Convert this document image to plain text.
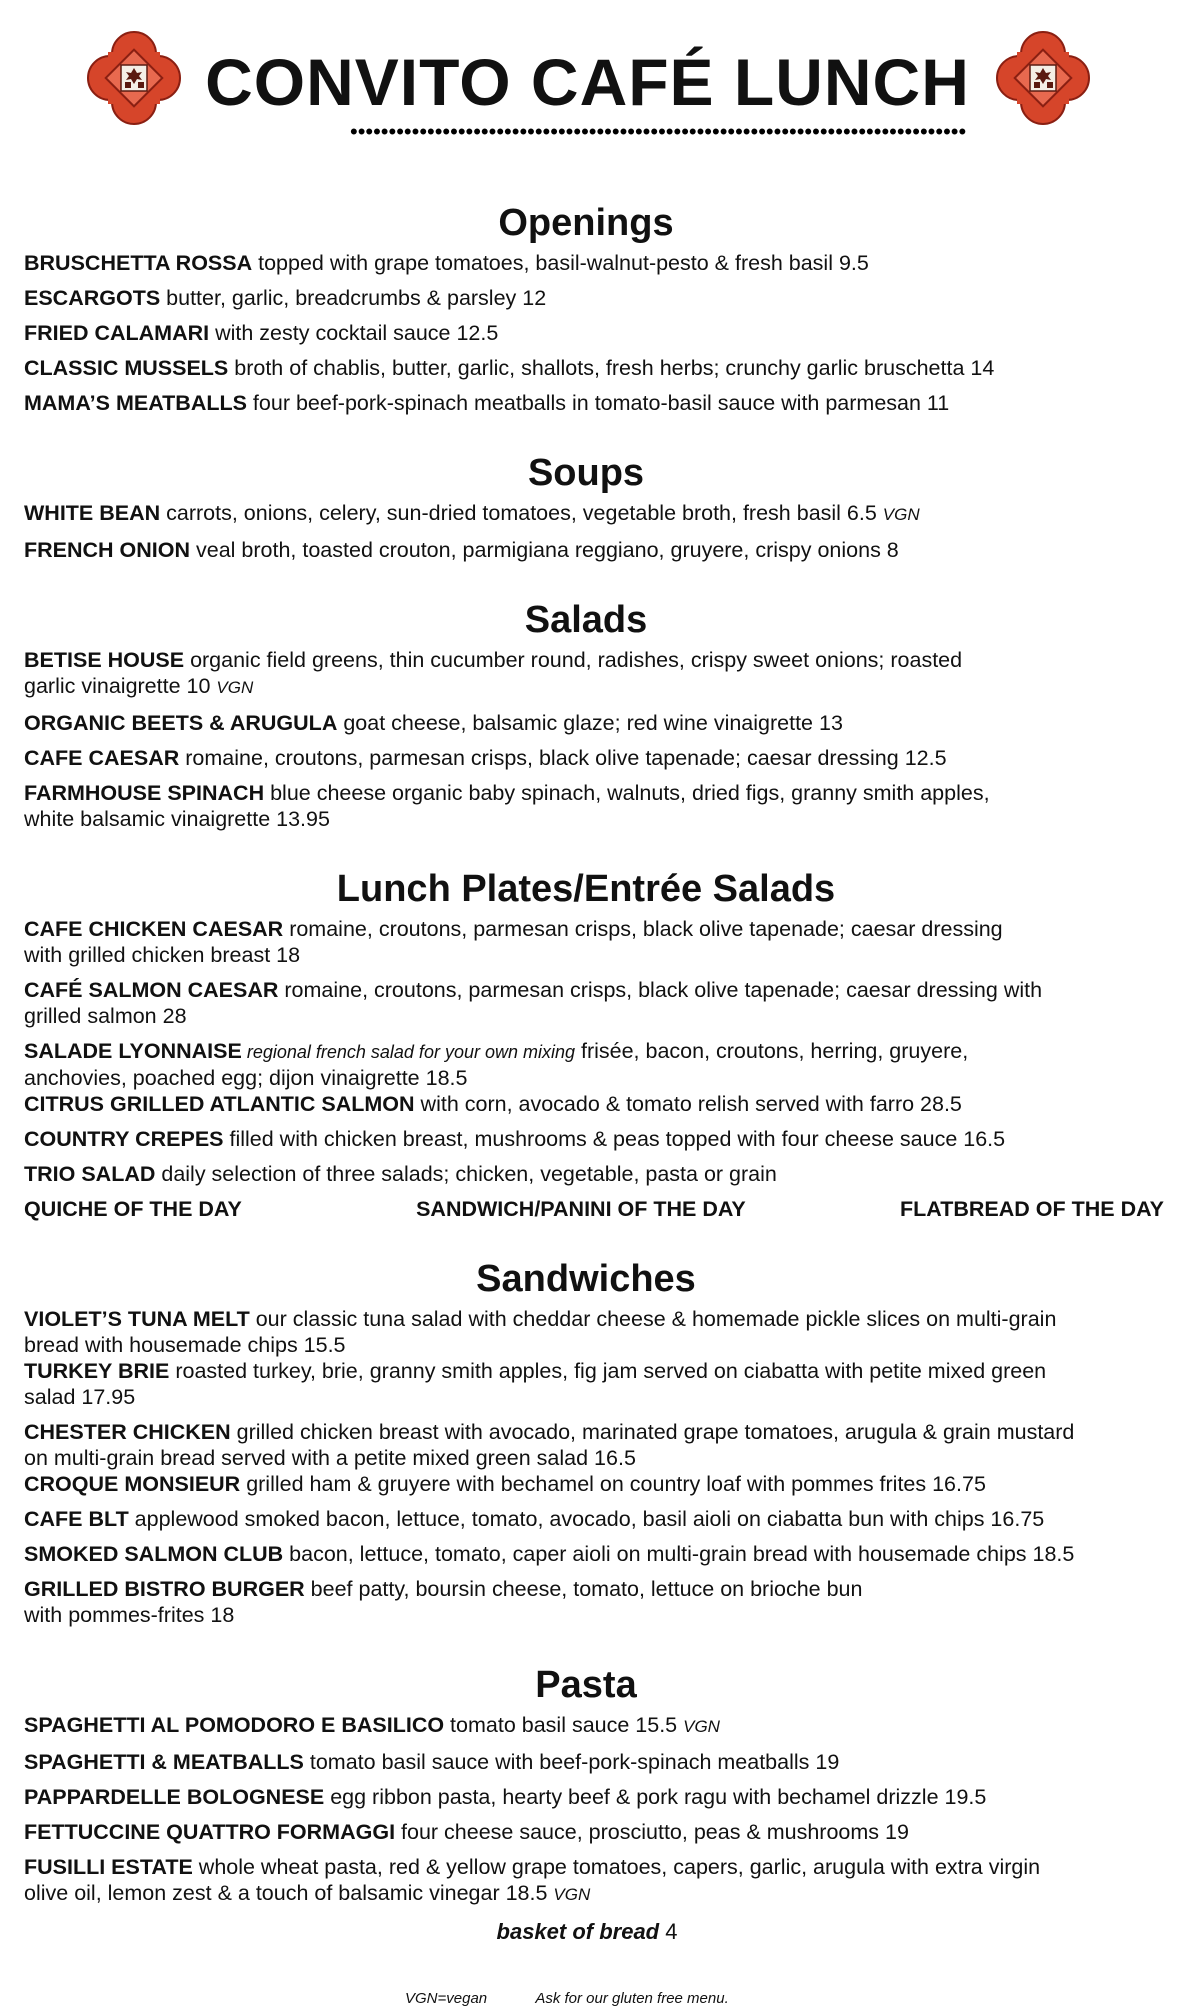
CONVITO CAFÉ LUNCH
••••••••••••••••••••••••••••••••••••••••••••••••••••••••••••••••••••••••••••••••
Openings
BRUSCHETTA ROSSA topped with grape tomatoes, basil-walnut-pesto & fresh basil 9.5
ESCARGOTS butter, garlic, breadcrumbs & parsley 12
FRIED CALAMARI with zesty cocktail sauce 12.5
CLASSIC MUSSELS broth of chablis, butter, garlic, shallots, fresh herbs; crunchy garlic bruschetta 14
MAMA’S MEATBALLS four beef-pork-spinach meatballs in tomato-basil sauce with parmesan 11
Soups
WHITE BEAN carrots, onions, celery, sun-dried tomatoes, vegetable broth, fresh basil 6.5 VGN
FRENCH ONION veal broth, toasted crouton, parmigiana reggiano, gruyere, crispy onions 8
Salads
BETISE HOUSE organic field greens, thin cucumber round, radishes, crispy sweet onions; roasted
garlic vinaigrette 10 VGN
ORGANIC BEETS & ARUGULA goat cheese, balsamic glaze; red wine vinaigrette 13
CAFE CAESAR romaine, croutons, parmesan crisps, black olive tapenade; caesar dressing 12.5
FARMHOUSE SPINACH blue cheese organic baby spinach, walnuts, dried figs, granny smith apples,
white balsamic vinaigrette 13.95
Lunch Plates/Entrée Salads
CAFE CHICKEN CAESAR romaine, croutons, parmesan crisps, black olive tapenade; caesar dressing
with grilled chicken breast 18
CAFÉ SALMON CAESAR romaine, croutons, parmesan crisps, black olive tapenade; caesar dressing with
grilled salmon 28
SALADE LYONNAISE regional french salad for your own mixing frisée, bacon, croutons, herring, gruyere,
anchovies, poached egg; dijon vinaigrette 18.5
CITRUS GRILLED ATLANTIC SALMON with corn, avocado & tomato relish served with farro 28.5
COUNTRY CREPES filled with chicken breast, mushrooms & peas topped with four cheese sauce 16.5
TRIO SALAD daily selection of three salads; chicken, vegetable, pasta or grain
QUICHE OF THE DAY	SANDWICH/PANINI OF THE DAY	FLATBREAD OF THE DAY
Sandwiches
VIOLET’S TUNA MELT our classic tuna salad with cheddar cheese & homemade pickle slices on multi-grain
bread with housemade chips 15.5
TURKEY BRIE roasted turkey, brie, granny smith apples, fig jam served on ciabatta with petite mixed green
salad 17.95
CHESTER CHICKEN grilled chicken breast with avocado, marinated grape tomatoes, arugula & grain mustard
on multi-grain bread served with a petite mixed green salad 16.5
CROQUE MONSIEUR grilled ham & gruyere with bechamel on country loaf with pommes frites 16.75
CAFE BLT applewood smoked bacon, lettuce, tomato, avocado, basil aioli on ciabatta bun with chips 16.75
SMOKED SALMON CLUB bacon, lettuce, tomato, caper aioli on multi-grain bread with housemade chips 18.5
GRILLED BISTRO BURGER beef patty, boursin cheese, tomato, lettuce on brioche bun
with pommes-frites 18
Pasta
SPAGHETTI AL POMODORO E BASILICO tomato basil sauce 15.5 VGN
SPAGHETTI & MEATBALLS tomato basil sauce with beef-pork-spinach meatballs 19
PAPPARDELLE BOLOGNESE egg ribbon pasta, hearty beef & pork ragu with bechamel drizzle 19.5
FETTUCCINE QUATTRO FORMAGGI four cheese sauce, prosciutto, peas & mushrooms 19
FUSILLI ESTATE whole wheat pasta, red & yellow grape tomatoes, capers, garlic, arugula with extra virgin
olive oil, lemon zest & a touch of balsamic vinegar 18.5 VGN
basket of bread 4
VGN=vegan	Ask for our gluten free menu.
